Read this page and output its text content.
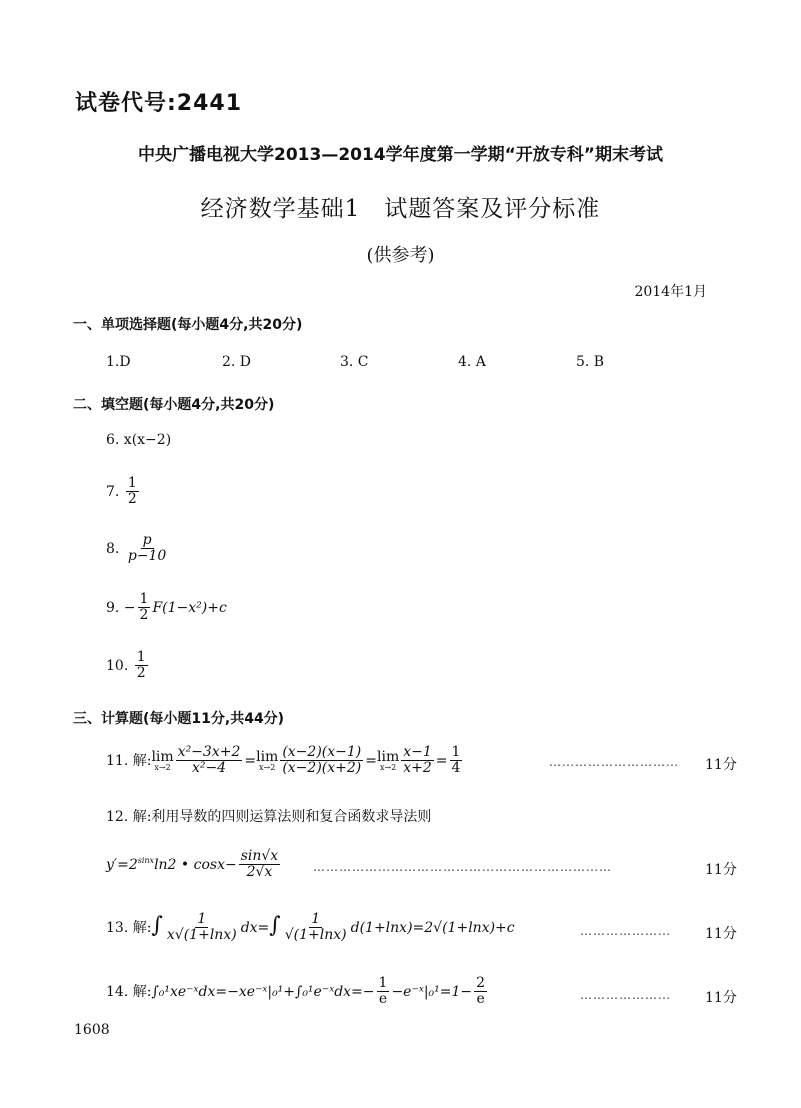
试卷代号:2441
中央广播电视大学2013—2014学年度第一学期“开放专科”期末考试
经济数学基础1　试题答案及评分标准
(供参考)
2014年1月
一、单项选择题(每小题4分,共20分)
1.D	2. D	3. C	4. A	5. B
二、填空题(每小题4分,共20分)
6. x(x−2)
7. $\frac{1}{2}$
8. $\frac{p}{p-10}$
9. − $\frac{1}{2} F(1-x^2)+c$
10. $\frac{1}{2}$
三、计算题(每小题11分,共44分)
11. 解: lim
$x\to 2 \frac{\text{x²−3x+2}}{\text{x²−4}} = \lim$
$x\to 2 \frac{(x-2)(x-1)}{(x-2)(x+2)} = \lim$
$x\to 2 \frac{x-1}{x+2} = \frac{1}{4}$	………………………… 11分
12. 解:利用导数的四则运算法则和复合函数求导法则
$y'=2^{sinx}\ln 2$ • $\cos x- \frac{\sin√x}{2√x}$	……………………………………………………………	11分
13. 解:∫ $\frac{1}{x√(1+\ln x)} dx=\int \frac{1}{√(1+\ln x)} d(1+\ln x)=2√(1+\ln x)+c$	………………… 11分
14. 解:∫₀¹xe⁻ˣdx=−xe⁻ˣ|₀¹+∫₀¹e⁻ˣdx=− $\frac{1}{e}$ −e⁻ˣ|₀¹=1− $\frac{2}{e}$	………………… 11分
1608
